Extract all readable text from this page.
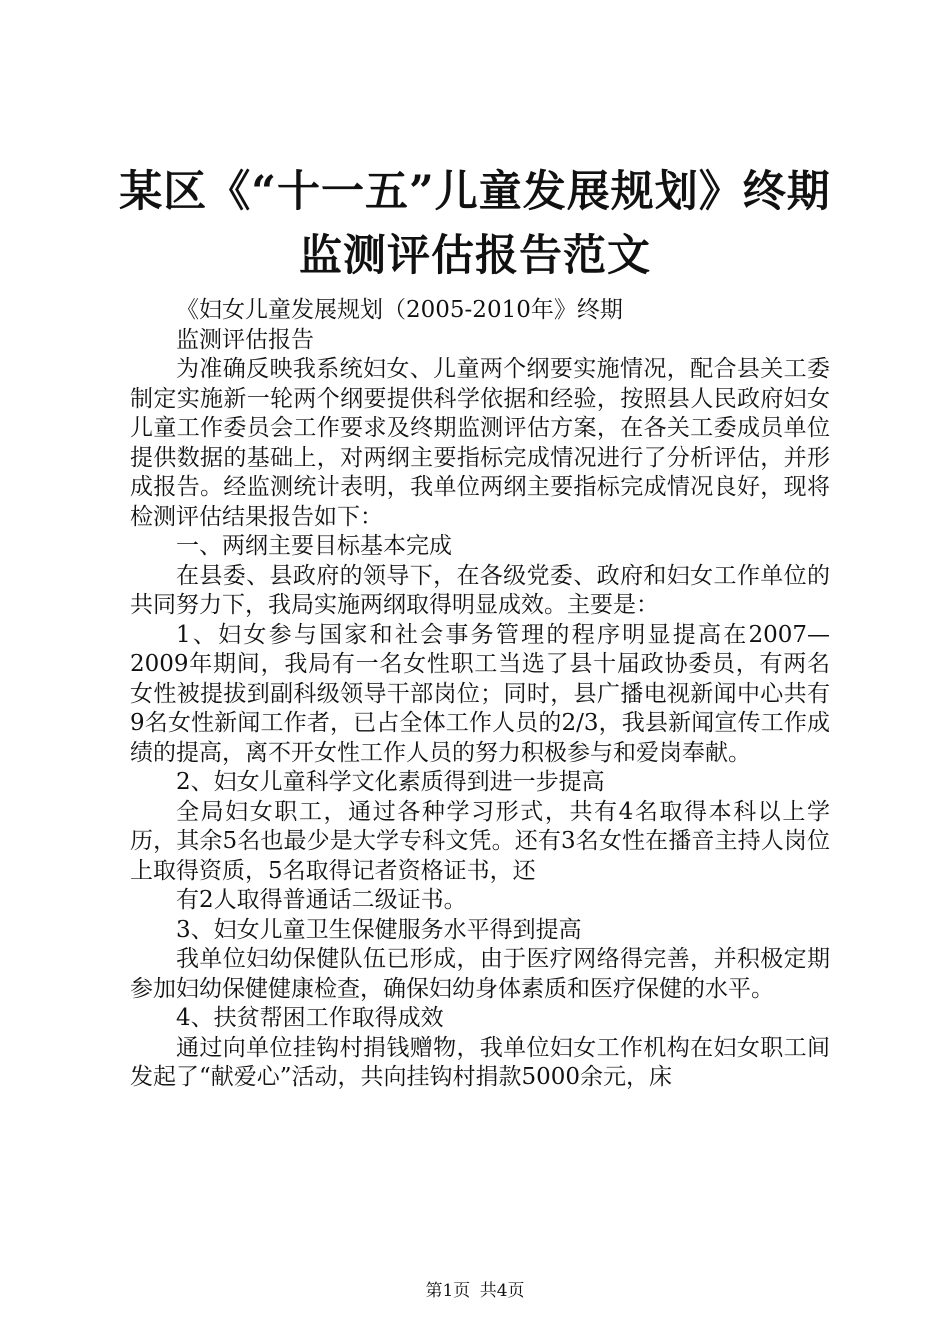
某区《“十一五”儿童发展规划》终期监测评估报告范文

《妇女儿童发展规划（2005-2010年》终期

监测评估报告

为准确反映我系统妇女、儿童两个纲要实施情况，配合县关工委制定实施新一轮两个纲要提供科学依据和经验，按照县人民政府妇女儿童工作委员会工作要求及终期监测评估方案，在各关工委成员单位提供数据的基础上，对两纲主要指标完成情况进行了分析评估，并形成报告。经监测统计表明，我单位两纲主要指标完成情况良好，现将检测评估结果报告如下：

一、两纲主要目标基本完成

在县委、县政府的领导下，在各级党委、政府和妇女工作单位的共同努力下，我局实施两纲取得明显成效。主要是：

1、妇女参与国家和社会事务管理的程序明显提高在2007—2009年期间，我局有一名女性职工当选了县十届政协委员，有两名女性被提拔到副科级领导干部岗位；同时，县广播电视新闻中心共有9名女性新闻工作者，已占全体工作人员的2/3，我县新闻宣传工作成绩的提高，离不开女性工作人员的努力积极参与和爱岗奉献。

2、妇女儿童科学文化素质得到进一步提高

全局妇女职工，通过各种学习形式，共有4名取得本科以上学历，其余5名也最少是大学专科文凭。还有3名女性在播音主持人岗位上取得资质，5名取得记者资格证书，还

有2人取得普通话二级证书。

3、妇女儿童卫生保健服务水平得到提高

我单位妇幼保健队伍已形成，由于医疗网络得完善，并积极定期参加妇幼保健健康检查，确保妇幼身体素质和医疗保健的水平。

4、扶贫帮困工作取得成效

通过向单位挂钩村捐钱赠物，我单位妇女工作机构在妇女职工间发起了“献爱心”活动，共向挂钩村捐款5000余元，床

第1页 共4页
